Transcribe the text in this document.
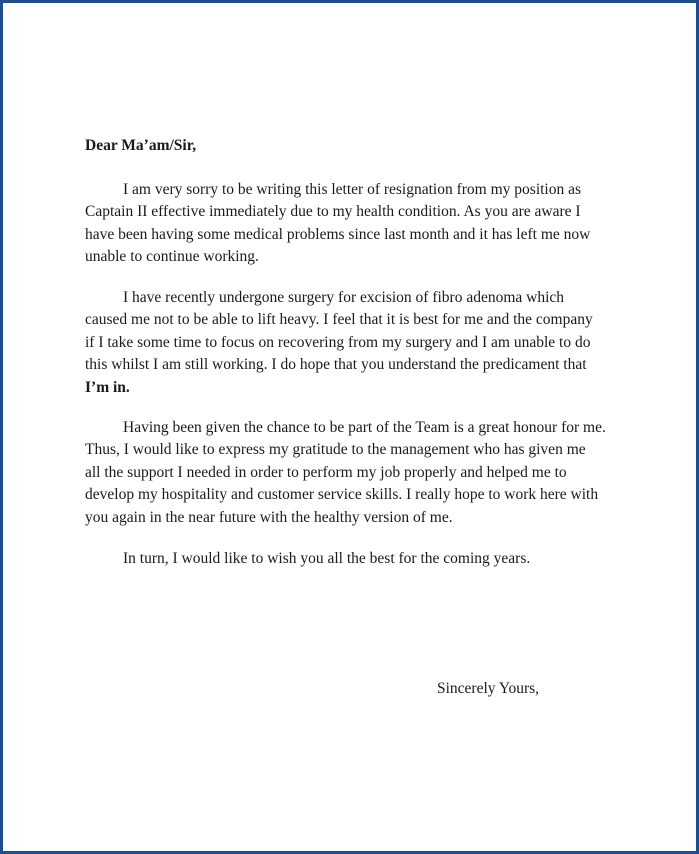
Dear Ma’am/Sir,

I am very sorry to be writing this letter of resignation from my position as
Captain II effective immediately due to my health condition. As you are aware I
have been having some medical problems since last month and it has left me now
unable to continue working.

I have recently undergone surgery for excision of fibro adenoma which
caused me not to be able to lift heavy. I feel that it is best for me and the company
if I take some time to focus on recovering from my surgery and I am unable to do
this whilst I am still working. I do hope that you understand the predicament that
I’m in.

Having been given the chance to be part of the Team is a great honour for me.
Thus, I would like to express my gratitude to the management who has given me
all the support I needed in order to perform my job properly and helped me to
develop my hospitality and customer service skills. I really hope to work here with
you again in the near future with the healthy version of me.

In turn, I would like to wish you all the best for the coming years.

Sincerely Yours,
